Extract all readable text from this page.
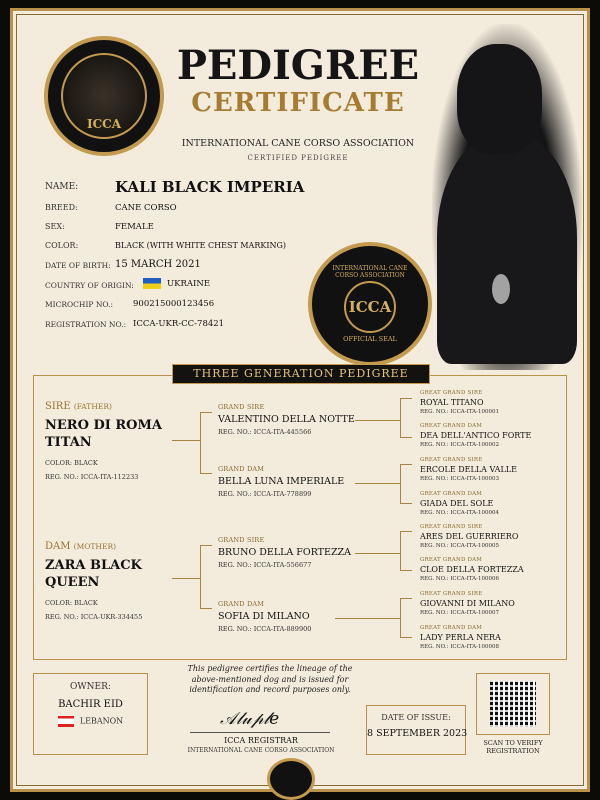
ICCA
PEDIGREE
CERTIFICATE
INTERNATIONAL CANE CORSO ASSOCIATION
CERTIFIED PEDIGREE
INTERNATIONAL CANE CORSO ASSOCIATION
ICCA
OFFICIAL SEAL
NAME: KALI BLACK IMPERIA
BREED:	CANE CORSO
SEX:	FEMALE
COLOR:	BLACK (WITH WHITE CHEST MARKING)
DATE OF BIRTH: 15 MARCH 2021
COUNTRY OF ORIGIN:	UKRAINE
MICROCHIP NO.: 900215000123456
REGISTRATION NO.: ICCA-UKR-CC-78421
THREE GENERATION PEDIGREE
SIRE (FATHER)
NERO DI ROMA
TITAN
COLOR: BLACK
REG. NO.: ICCA-ITA-112233
DAM (MOTHER)
ZARA BLACK
QUEEN
COLOR: BLACK
REG. NO.: ICCA-UKR-334455
GRAND SIRE
VALENTINO DELLA NOTTE
REG. NO.: ICCA-ITA-445566
GRAND DAM
BELLA LUNA IMPERIALE
REG. NO.: ICCA-ITA-778899
GRAND SIRE
BRUNO DELLA FORTEZZA
REG. NO.: ICCA-ITA-556677
GRAND DAM
SOFIA DI MILANO
REG. NO.: ICCA-ITA-889900
GREAT GRAND SIRE
ROYAL TITANO
REG. NO.: ICCA-ITA-100001
GREAT GRAND DAM
DEA DELL'ANTICO FORTE
REG. NO.: ICCA-ITA-100002
GREAT GRAND SIRE
ERCOLE DELLA VALLE
REG. NO.: ICCA-ITA-100003
GREAT GRAND DAM
GIADA DEL SOLE
REG. NO.: ICCA-ITA-100004
GREAT GRAND SIRE
ARES DEL GUERRIERO
REG. NO.: ICCA-ITA-100005
GREAT GRAND DAM
CLOE DELLA FORTEZZA
REG. NO.: ICCA-ITA-100006
GREAT GRAND SIRE
GIOVANNI DI MILANO
REG. NO.: ICCA-ITA-100007
GREAT GRAND DAM
LADY PERLA NERA
REG. NO.: ICCA-ITA-100008
OWNER:
BACHIR EID
LEBANON
This pedigree certifies the lineage of the above-mentioned dog and is issued for identification and record purposes only.
𝒜𝓁𝓊𝓅𝓁𝑒
ICCA REGISTRAR
INTERNATIONAL CANE CORSO ASSOCIATION
DATE OF ISSUE:
8 SEPTEMBER 2023
SCAN TO VERIFY
REGISTRATION
